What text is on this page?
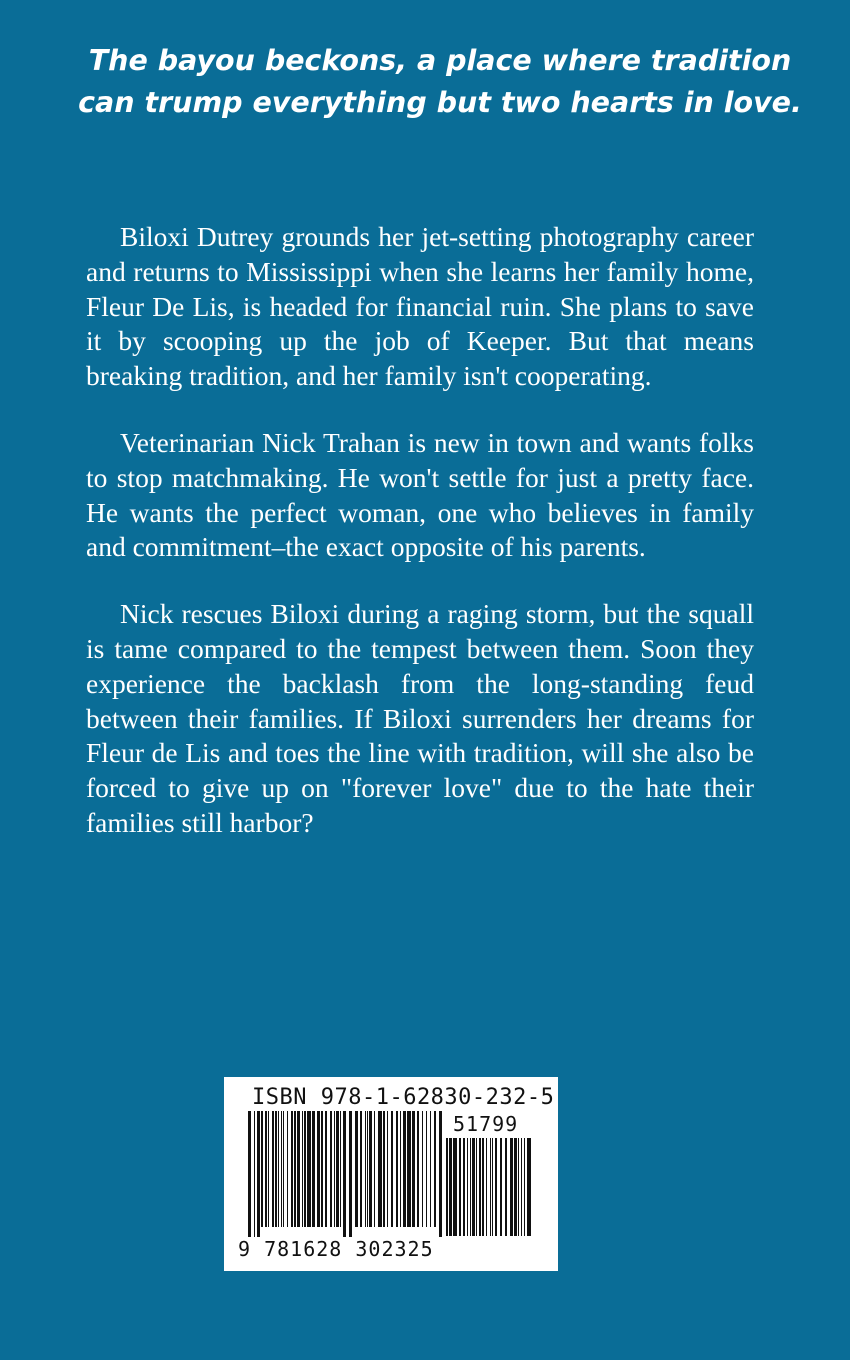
The bayou beckons, a place where tradition can trump everything but two hearts in love.

Biloxi Dutrey grounds her jet-setting photography career and returns to Mississippi when she learns her family home, Fleur De Lis, is headed for financial ruin. She plans to save it by scooping up the job of Keeper. But that means breaking tradition, and her family isn't cooperating.

Veterinarian Nick Trahan is new in town and wants folks to stop matchmaking. He won't settle for just a pretty face. He wants the perfect woman, one who believes in family and commitment–the exact opposite of his parents.

Nick rescues Biloxi during a raging storm, but the squall is tame compared to the tempest between them. Soon they experience the backlash from the long-standing feud between their families. If Biloxi surrenders her dreams for Fleur de Lis and toes the line with tradition, will she also be forced to give up on "forever love" due to the hate their families still harbor?

ISBN 978-1-62830-232-5
51799
9 781628 302325
